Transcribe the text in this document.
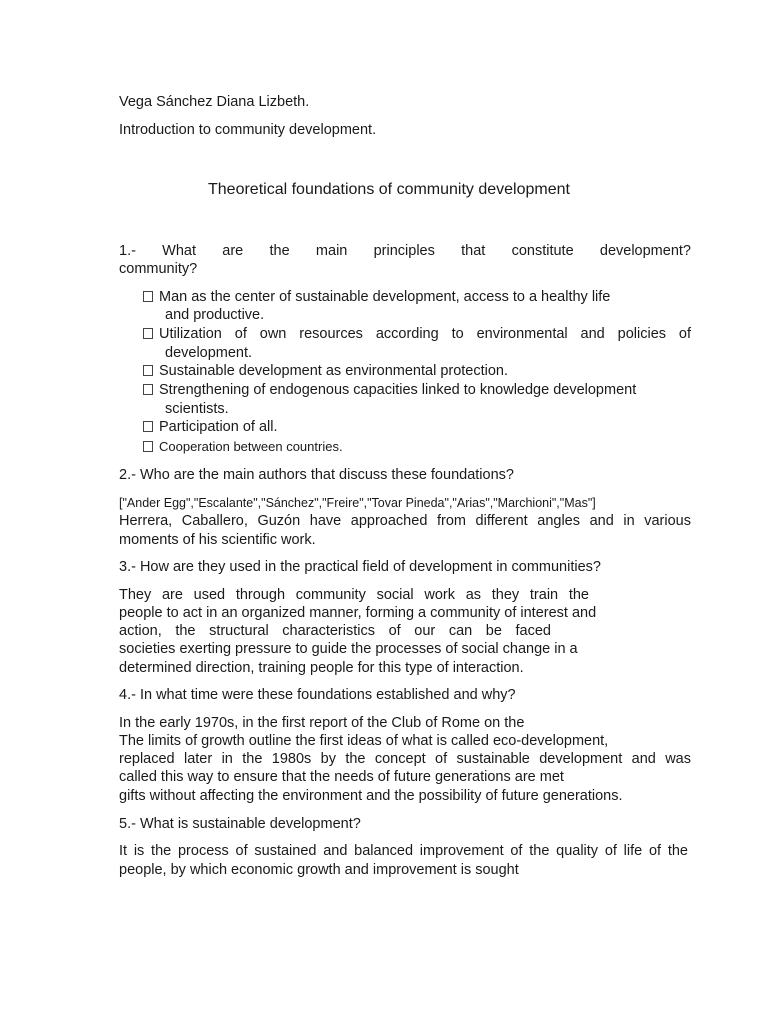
Vega Sánchez Diana Lizbeth.
Introduction to community development.
Theoretical foundations of community development
1.- What are the main principles that constitute development?
community?
Man as the center of sustainable development, access to a healthy life
and productive.
Utilization of own resources according to environmental and policies of
development.
Sustainable development as environmental protection.
Strengthening of endogenous capacities linked to knowledge development
scientists.
Participation of all.
Cooperation between countries.
2.- Who are the main authors that discuss these foundations?
["Ander Egg","Escalante","Sánchez","Freire","Tovar Pineda","Arias","Marchioni","Mas"]
Herrera, Caballero, Guzón have approached from different angles and in various
moments of his scientific work.
3.- How are they used in the practical field of development in communities?
They are used through community social work as they train the
people to act in an organized manner, forming a community of interest and
action, the structural characteristics of our can be faced
societies exerting pressure to guide the processes of social change in a
determined direction, training people for this type of interaction.
4.- In what time were these foundations established and why?
In the early 1970s, in the first report of the Club of Rome on the
The limits of growth outline the first ideas of what is called eco-development,
replaced later in the 1980s by the concept of sustainable development and was
called this way to ensure that the needs of future generations are met
gifts without affecting the environment and the possibility of future generations.
5.- What is sustainable development?
It is the process of sustained and balanced improvement of the quality of life of the
people, by which economic growth and improvement is sought
